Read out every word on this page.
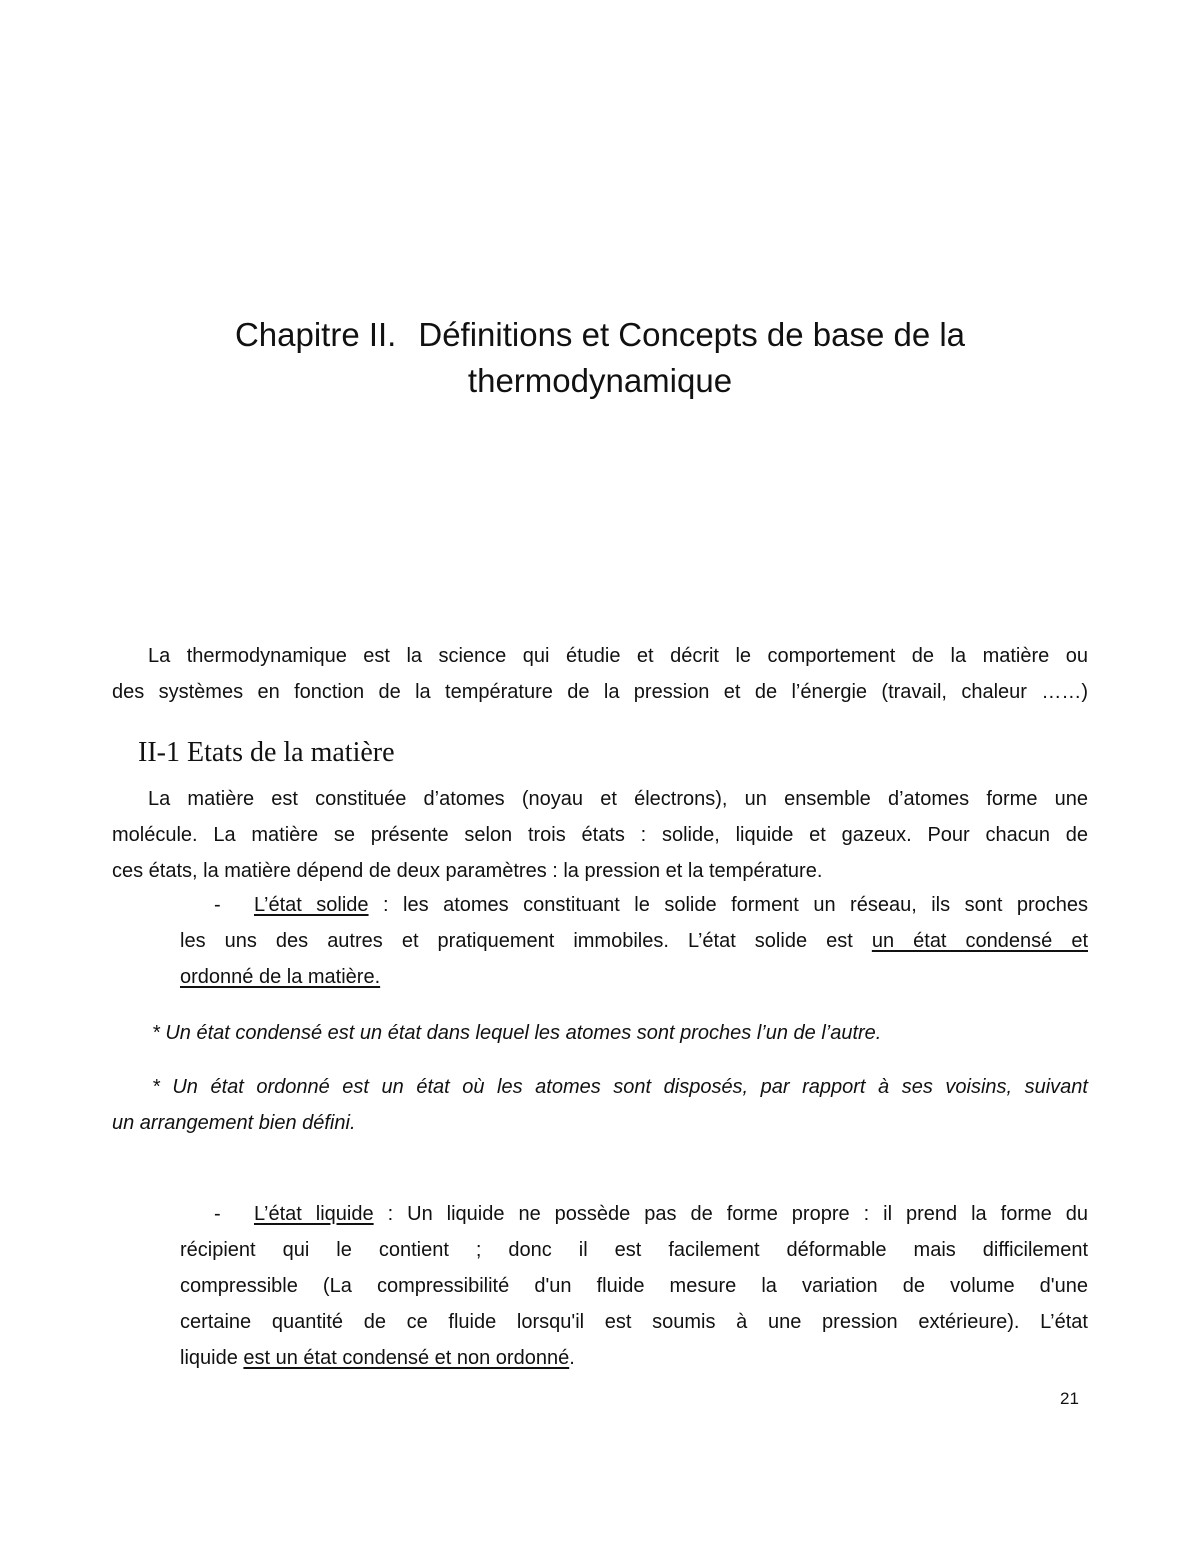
Chapitre II. Définitions et Concepts de base de la
thermodynamique

La thermodynamique est la science qui étudie et décrit le comportement de la matière ou
des systèmes en fonction de la température de la pression et de l’énergie (travail, chaleur ……)

II-1 Etats de la matière

La matière est constituée d’atomes (noyau et électrons), un ensemble d’atomes forme une
molécule. La matière se présente selon trois états : solide, liquide et gazeux. Pour chacun de
ces états, la matière dépend de deux paramètres : la pression et la température.

-	L’état solide : les atomes constituant le solide forment un réseau, ils sont proches
les uns des autres et pratiquement immobiles. L’état solide est un état condensé et
ordonné de la matière.

* Un état condensé est un état dans lequel les atomes sont proches l’un de l’autre.

* Un état ordonné est un état où les atomes sont disposés, par rapport à ses voisins, suivant
un arrangement bien défini.

-	L’état liquide : Un liquide ne possède pas de forme propre : il prend la forme du
récipient qui le contient ; donc il est facilement déformable mais difficilement
compressible (La compressibilité d'un fluide mesure la variation de volume d'une
certaine quantité de ce fluide lorsqu'il est soumis à une pression extérieure). L’état
liquide est un état condensé et non ordonné.
21
